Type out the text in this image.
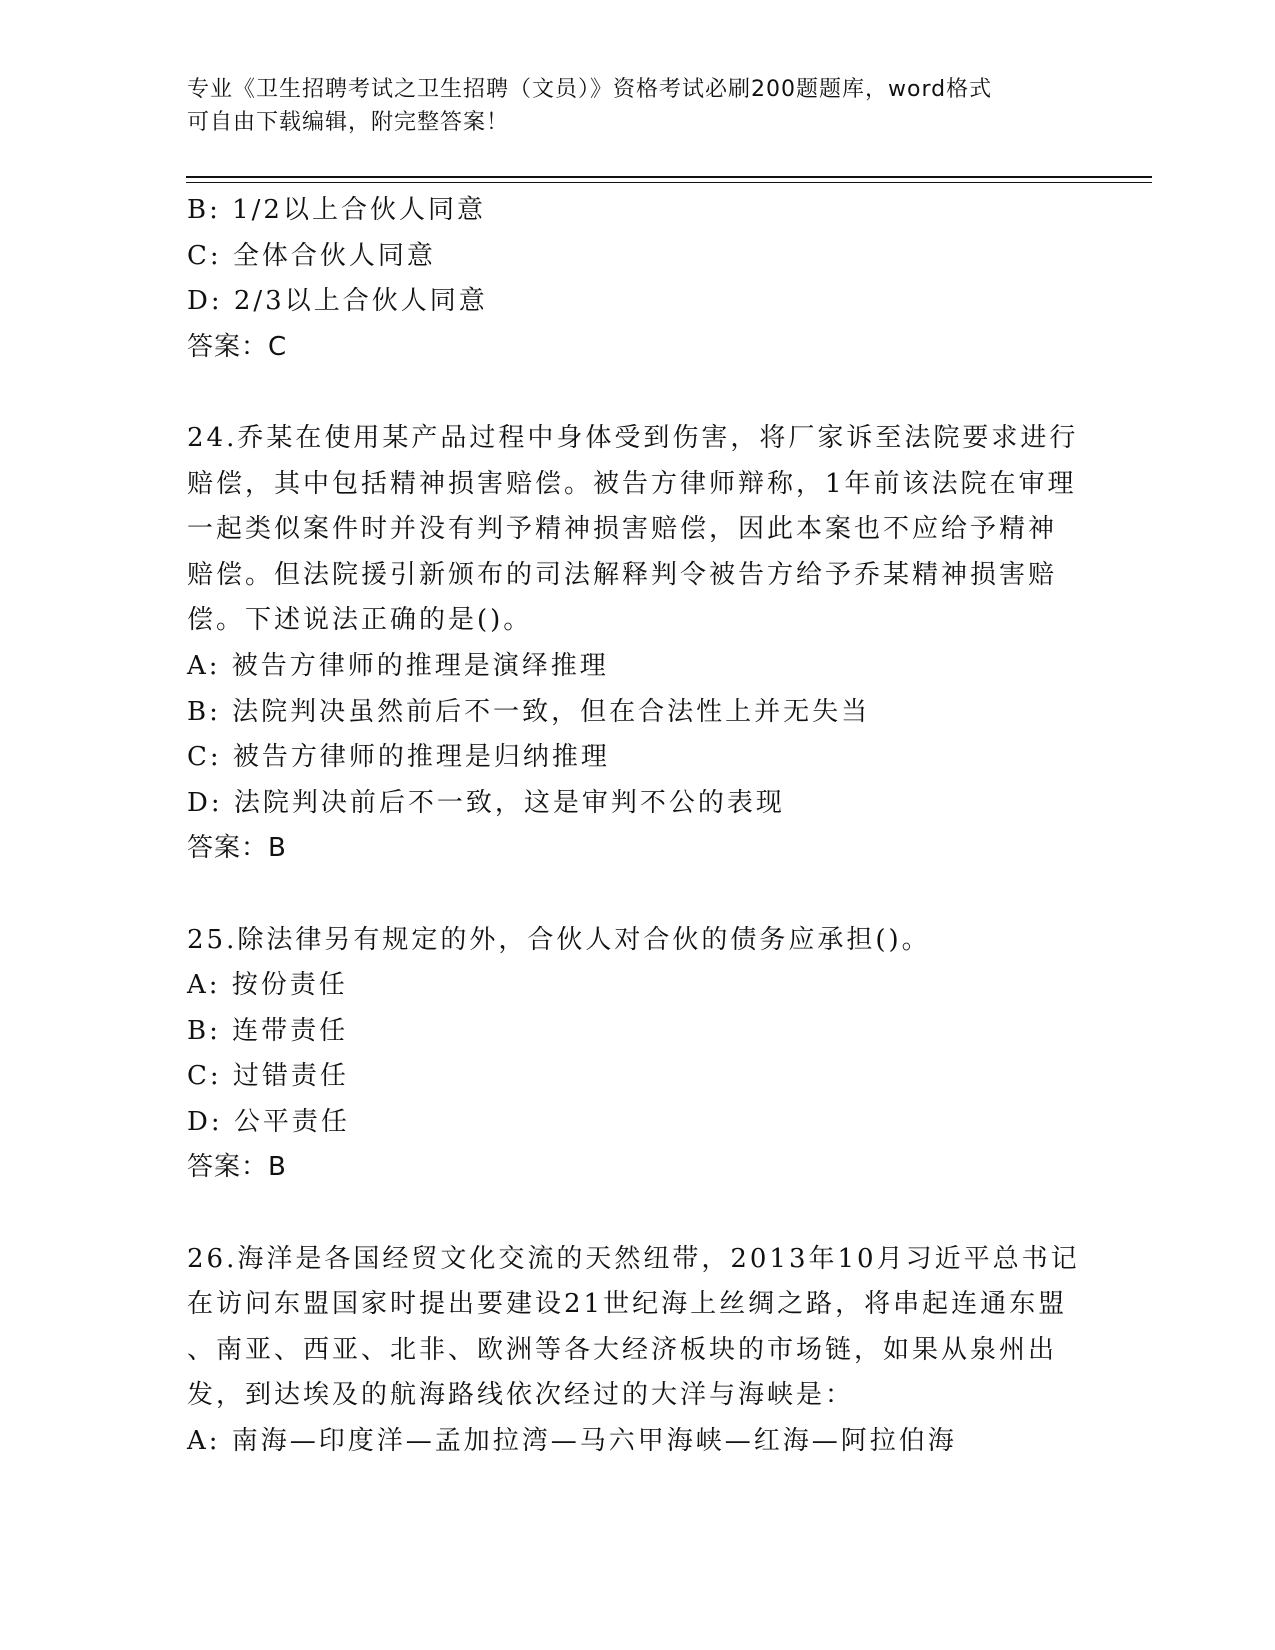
专业《卫生招聘考试之卫生招聘（文员）》资格考试必刷200题题库，word格式
可自由下载编辑，附完整答案！
B: 1/2以上合伙人同意
C: 全体合伙人同意
D: 2/3以上合伙人同意
答案：C
24.乔某在使用某产品过程中身体受到伤害，将厂家诉至法院要求进行
赔偿，其中包括精神损害赔偿。被告方律师辩称，1年前该法院在审理
一起类似案件时并没有判予精神损害赔偿，因此本案也不应给予精神
赔偿。但法院援引新颁布的司法解释判令被告方给予乔某精神损害赔
偿。下述说法正确的是()。
A: 被告方律师的推理是演绎推理
B: 法院判决虽然前后不一致，但在合法性上并无失当
C: 被告方律师的推理是归纳推理
D: 法院判决前后不一致，这是审判不公的表现
答案：B
25.除法律另有规定的外，合伙人对合伙的债务应承担()。
A: 按份责任
B: 连带责任
C: 过错责任
D: 公平责任
答案：B
26.海洋是各国经贸文化交流的天然纽带，2013年10月习近平总书记
在访问东盟国家时提出要建设21世纪海上丝绸之路，将串起连通东盟
、南亚、西亚、北非、欧洲等各大经济板块的市场链，如果从泉州出
发，到达埃及的航海路线依次经过的大洋与海峡是：
A: 南海—印度洋—孟加拉湾—马六甲海峡—红海—阿拉伯海
